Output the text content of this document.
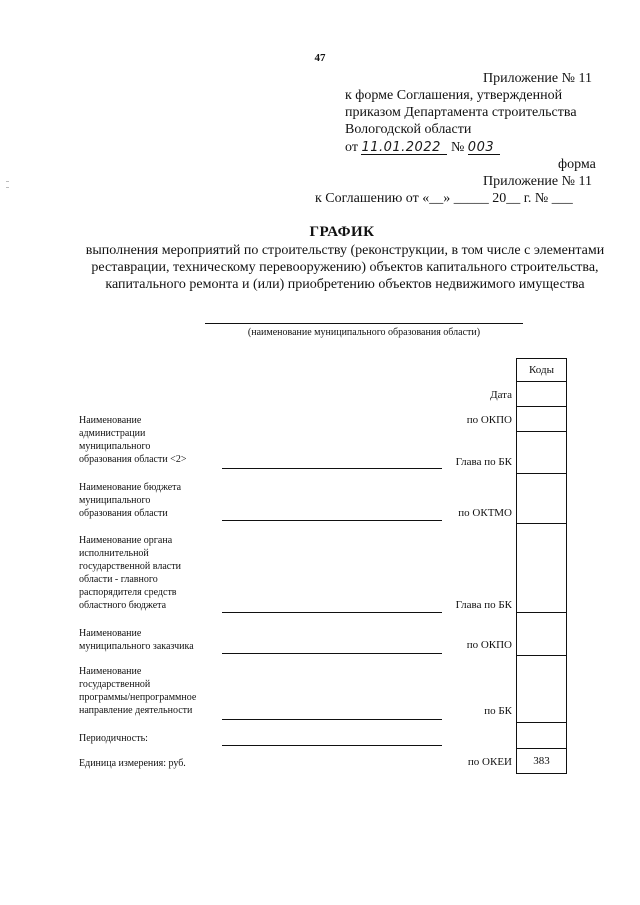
47
Приложение № 11
к форме Соглашения, утвержденной
приказом Департамента строительства
Вологодской области
от 11.01.2022 № 003
форма
Приложение № 11
к Соглашению от «__» _____ 20__ г. № ___
ГРАФИК
выполнения мероприятий по строительству (реконструкции, в том числе с элементами реставрации, техническому перевооружению) объектов капитального строительства, капитального ремонта и (или) приобретению объектов недвижимого имущества
(наименование муниципального образования области)
Коды
383
Дата
по ОКПО
Глава по БК
по ОКТМО
Глава по БК
по ОКПО
по БК
по ОКЕИ
Наименование
администрации
муниципального
образования области <2>
Наименование бюджета
муниципального
образования области
Наименование органа
исполнительной
государственной власти
области - главного
распорядителя средств
областного бюджета
Наименование
муниципального заказчика
Наименование
государственной
программы/непрограммное
направление деятельности
Периодичность:
Единица измерения: руб.
